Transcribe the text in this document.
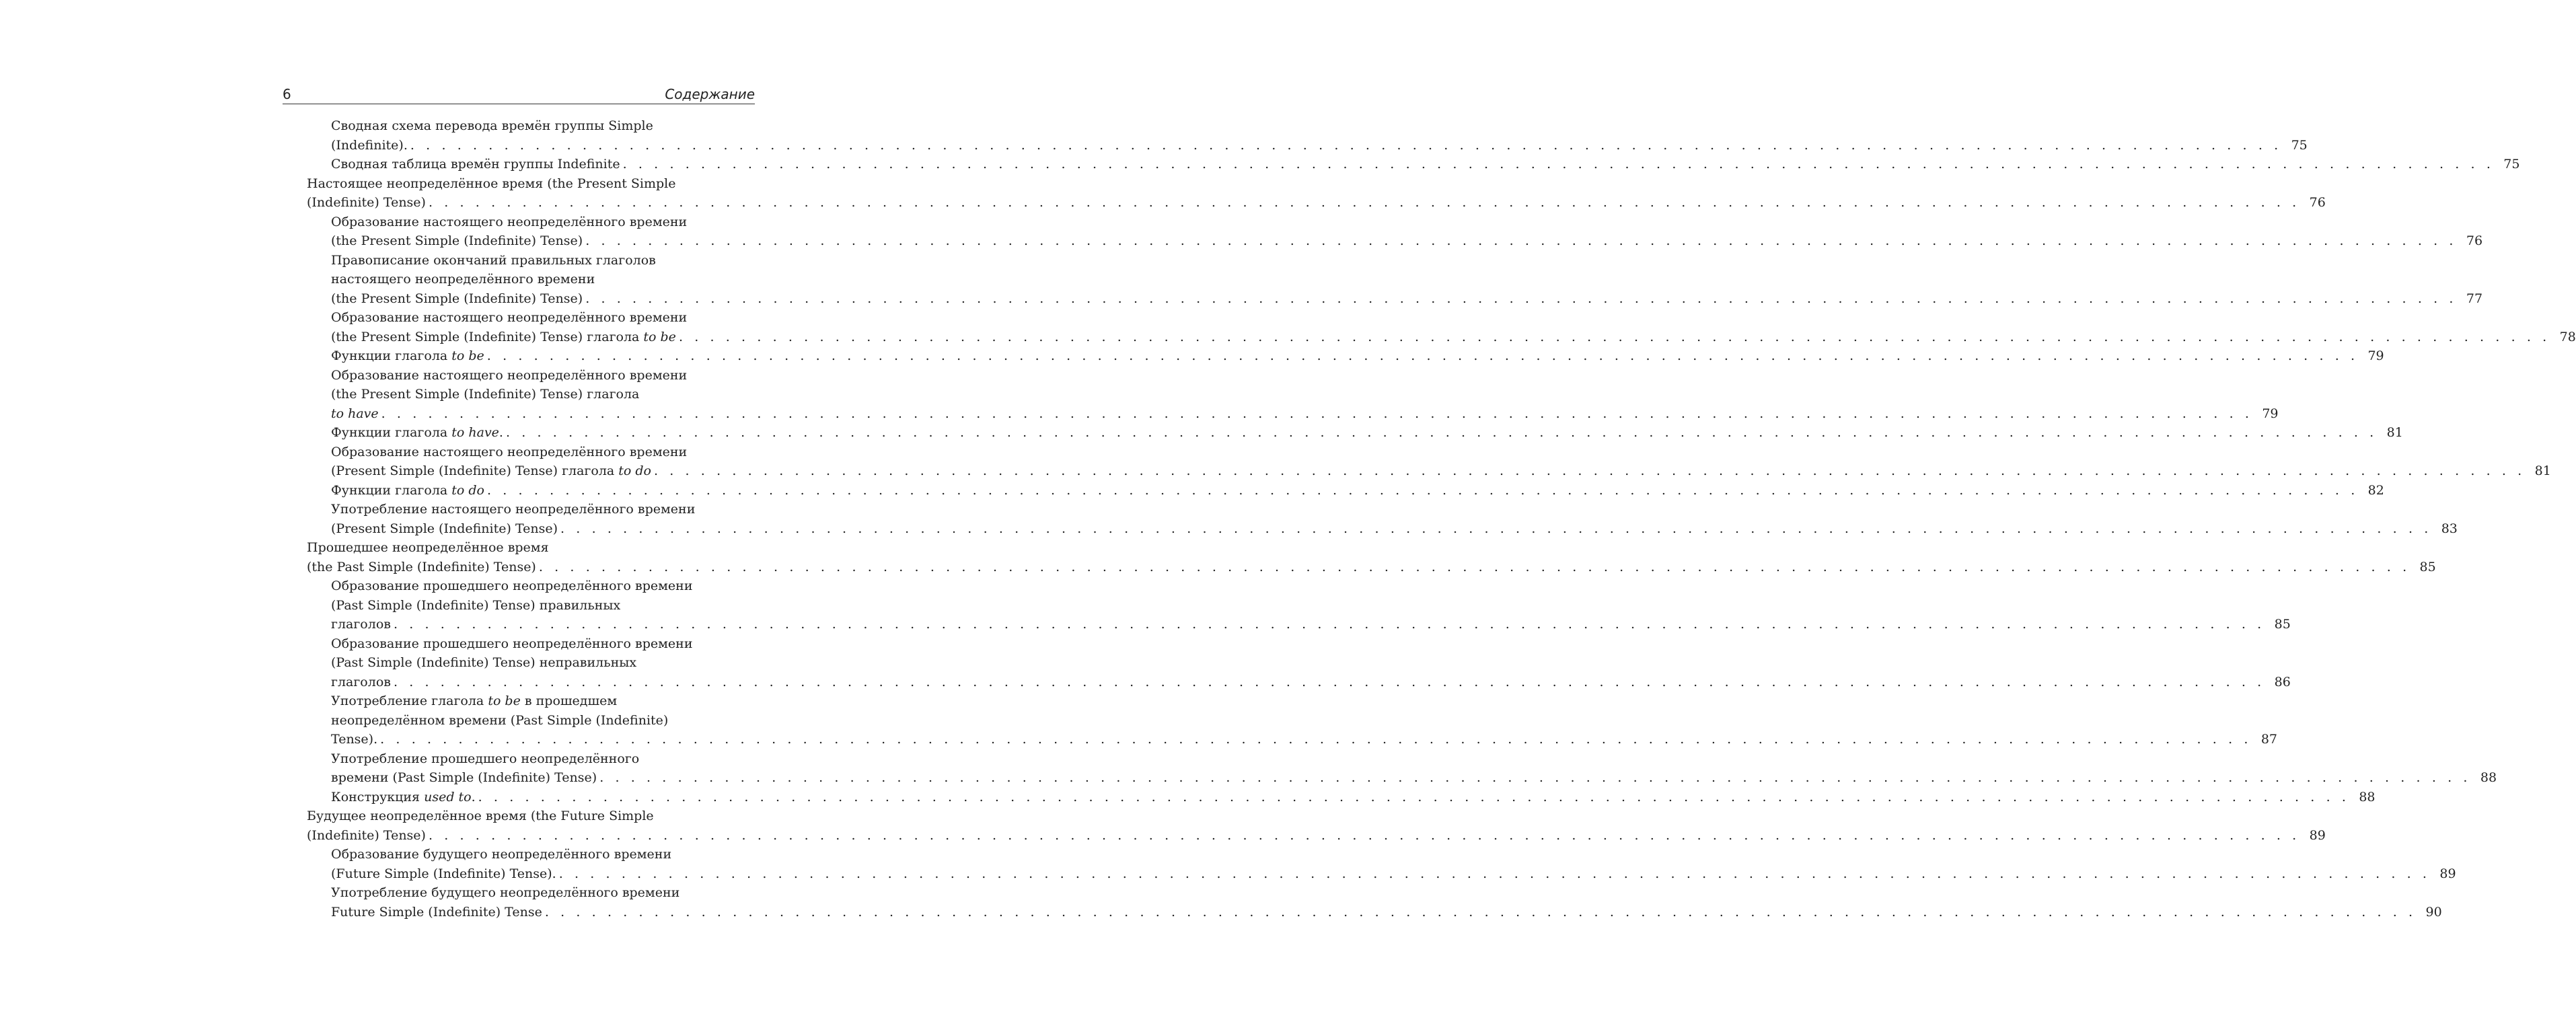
6	Содержание
Сводная схема перевода времён группы Simple
(Indefinite). . . . . . . . . . . . . . . . . . . . . . . . . . . . . . . . . . . . . . . . . . . . . . . . . . . . . . . . . . . . . . . . . . . . . . . . . . . . . . . . . . . . . . . . . . . . . . . . . . . . . . . . . . . . . . . . . . . . . . . . . 75
Сводная таблица времён группы Indefinite . . . . . . . . . . . . . . . . . . . . . . . . . . . . . . . . . . . . . . . . . . . . . . . . . . . . . . . . . . . . . . . . . . . . . . . . . . . . . . . . . . . . . . . . . . . . . . . . . . . . . . . . . . . . . . . . . . . . . . . . 75
Настоящее неопределённое время (the Present Simple
(Indefinite) Tense) . . . . . . . . . . . . . . . . . . . . . . . . . . . . . . . . . . . . . . . . . . . . . . . . . . . . . . . . . . . . . . . . . . . . . . . . . . . . . . . . . . . . . . . . . . . . . . . . . . . . . . . . . . . . . . . . . . . . . . . . 76
Образование настоящего неопределённого времени
(the Present Simple (Indefinite) Tense) . . . . . . . . . . . . . . . . . . . . . . . . . . . . . . . . . . . . . . . . . . . . . . . . . . . . . . . . . . . . . . . . . . . . . . . . . . . . . . . . . . . . . . . . . . . . . . . . . . . . . . . . . . . . . . . . . . . . . . . . 76
Правописание окончаний правильных глаголов
настоящего неопределённого времени
(the Present Simple (Indefinite) Tense) . . . . . . . . . . . . . . . . . . . . . . . . . . . . . . . . . . . . . . . . . . . . . . . . . . . . . . . . . . . . . . . . . . . . . . . . . . . . . . . . . . . . . . . . . . . . . . . . . . . . . . . . . . . . . . . . . . . . . . . . 77
Образование настоящего неопределённого времени
(the Present Simple (Indefinite) Tense) глагола to be . . . . . . . . . . . . . . . . . . . . . . . . . . . . . . . . . . . . . . . . . . . . . . . . . . . . . . . . . . . . . . . . . . . . . . . . . . . . . . . . . . . . . . . . . . . . . . . . . . . . . . . . . . . . . . . . . . . . . . . . 78
Функции глагола to be . . . . . . . . . . . . . . . . . . . . . . . . . . . . . . . . . . . . . . . . . . . . . . . . . . . . . . . . . . . . . . . . . . . . . . . . . . . . . . . . . . . . . . . . . . . . . . . . . . . . . . . . . . . . . . . . . . . . . . . . 79
Образование настоящего неопределённого времени
(the Present Simple (Indefinite) Tense) глагола
to have . . . . . . . . . . . . . . . . . . . . . . . . . . . . . . . . . . . . . . . . . . . . . . . . . . . . . . . . . . . . . . . . . . . . . . . . . . . . . . . . . . . . . . . . . . . . . . . . . . . . . . . . . . . . . . . . . . . . . . . . 79
Функции глагола to have . . . . . . . . . . . . . . . . . . . . . . . . . . . . . . . . . . . . . . . . . . . . . . . . . . . . . . . . . . . . . . . . . . . . . . . . . . . . . . . . . . . . . . . . . . . . . . . . . . . . . . . . . . . . . . . . . . . . . . . . . 81
Образование настоящего неопределённого времени
(Present Simple (Indefinite) Tense) глагола to do . . . . . . . . . . . . . . . . . . . . . . . . . . . . . . . . . . . . . . . . . . . . . . . . . . . . . . . . . . . . . . . . . . . . . . . . . . . . . . . . . . . . . . . . . . . . . . . . . . . . . . . . . . . . . . . . . . . . . . . . 81
Функции глагола to do . . . . . . . . . . . . . . . . . . . . . . . . . . . . . . . . . . . . . . . . . . . . . . . . . . . . . . . . . . . . . . . . . . . . . . . . . . . . . . . . . . . . . . . . . . . . . . . . . . . . . . . . . . . . . . . . . . . . . . . . 82
Употребление настоящего неопределённого времени
(Present Simple (Indefinite) Tense) . . . . . . . . . . . . . . . . . . . . . . . . . . . . . . . . . . . . . . . . . . . . . . . . . . . . . . . . . . . . . . . . . . . . . . . . . . . . . . . . . . . . . . . . . . . . . . . . . . . . . . . . . . . . . . . . . . . . . . . . 83
Прошедшее неопределённое время
(the Past Simple (Indefinite) Tense) . . . . . . . . . . . . . . . . . . . . . . . . . . . . . . . . . . . . . . . . . . . . . . . . . . . . . . . . . . . . . . . . . . . . . . . . . . . . . . . . . . . . . . . . . . . . . . . . . . . . . . . . . . . . . . . . . . . . . . . . 85
Образование прошедшего неопределённого времени
(Past Simple (Indefinite) Tense) правильных
глаголов . . . . . . . . . . . . . . . . . . . . . . . . . . . . . . . . . . . . . . . . . . . . . . . . . . . . . . . . . . . . . . . . . . . . . . . . . . . . . . . . . . . . . . . . . . . . . . . . . . . . . . . . . . . . . . . . . . . . . . . . 85
Образование прошедшего неопределённого времени
(Past Simple (Indefinite) Tense) неправильных
глаголов . . . . . . . . . . . . . . . . . . . . . . . . . . . . . . . . . . . . . . . . . . . . . . . . . . . . . . . . . . . . . . . . . . . . . . . . . . . . . . . . . . . . . . . . . . . . . . . . . . . . . . . . . . . . . . . . . . . . . . . . 86
Употребление глагола to be в прошедшем
неопределённом времени (Past Simple (Indefinite)
Tense). . . . . . . . . . . . . . . . . . . . . . . . . . . . . . . . . . . . . . . . . . . . . . . . . . . . . . . . . . . . . . . . . . . . . . . . . . . . . . . . . . . . . . . . . . . . . . . . . . . . . . . . . . . . . . . . . . . . . . . . . 87
Употребление прошедшего неопределённого
времени (Past Simple (Indefinite) Tense) . . . . . . . . . . . . . . . . . . . . . . . . . . . . . . . . . . . . . . . . . . . . . . . . . . . . . . . . . . . . . . . . . . . . . . . . . . . . . . . . . . . . . . . . . . . . . . . . . . . . . . . . . . . . . . . . . . . . . . . . 88
Конструкция used to . . . . . . . . . . . . . . . . . . . . . . . . . . . . . . . . . . . . . . . . . . . . . . . . . . . . . . . . . . . . . . . . . . . . . . . . . . . . . . . . . . . . . . . . . . . . . . . . . . . . . . . . . . . . . . . . . . . . . . . . . 88
Будущее неопределённое время (the Future Simple
(Indefinite) Tense) . . . . . . . . . . . . . . . . . . . . . . . . . . . . . . . . . . . . . . . . . . . . . . . . . . . . . . . . . . . . . . . . . . . . . . . . . . . . . . . . . . . . . . . . . . . . . . . . . . . . . . . . . . . . . . . . . . . . . . . . 89
Образование будущего неопределённого времени
(Future Simple (Indefinite) Tense). . . . . . . . . . . . . . . . . . . . . . . . . . . . . . . . . . . . . . . . . . . . . . . . . . . . . . . . . . . . . . . . . . . . . . . . . . . . . . . . . . . . . . . . . . . . . . . . . . . . . . . . . . . . . . . . . . . . . . . . . 89
Употребление будущего неопределённого времени
Future Simple (Indefinite) Tense . . . . . . . . . . . . . . . . . . . . . . . . . . . . . . . . . . . . . . . . . . . . . . . . . . . . . . . . . . . . . . . . . . . . . . . . . . . . . . . . . . . . . . . . . . . . . . . . . . . . . . . . . . . . . . . . . . . . . . . . 90
